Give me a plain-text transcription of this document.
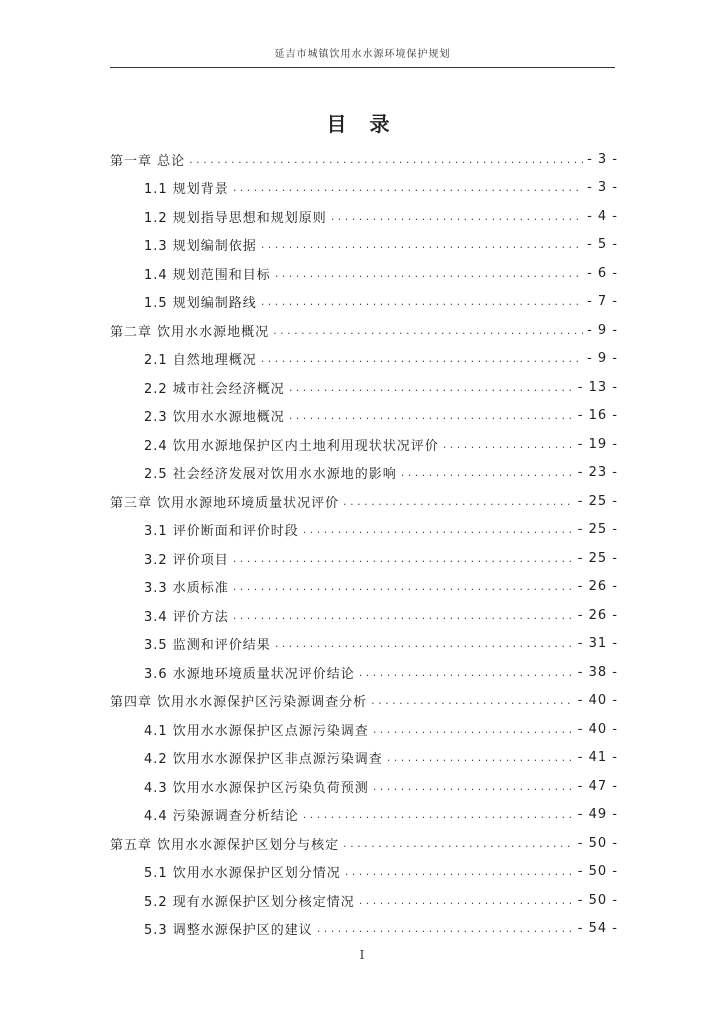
延吉市城镇饮用水水源环境保护规划
目 录
第一章 总论 . . .	- 3 -
1.1 规划背景 . . .	- 3 -
1.2 规划指导思想和规划原则 . . .	- 4 -
1.3 规划编制依据 . . .	- 5 -
1.4 规划范围和目标 . . .	- 6 -
1.5 规划编制路线 . . .	- 7 -
第二章 饮用水水源地概况 . . .	- 9 -
2.1 自然地理概况 . . .	- 9 -
2.2 城市社会经济概况 . . .	- 13 -
2.3 饮用水水源地概况 . . .	- 16 -
2.4 饮用水源地保护区内土地利用现状状况评价 . . .	- 19 -
2.5 社会经济发展对饮用水水源地的影响 . . .	- 23 -
第三章 饮用水源地环境质量状况评价 . . .	- 25 -
3.1 评价断面和评价时段 . . .	- 25 -
3.2 评价项目 . . .	- 25 -
3.3 水质标准 . . .	- 26 -
3.4 评价方法 . . .	- 26 -
3.5 监测和评价结果 . . .	- 31 -
3.6 水源地环境质量状况评价结论 . . .	- 38 -
第四章 饮用水水源保护区污染源调查分析 . . .	- 40 -
4.1 饮用水水源保护区点源污染调查 . . .	- 40 -
4.2 饮用水水源保护区非点源污染调查 . . .	- 41 -
4.3 饮用水水源保护区污染负荷预测 . . .	- 47 -
4.4 污染源调查分析结论 . . .	- 49 -
第五章 饮用水水源保护区划分与核定 . . .	- 50 -
5.1 饮用水水源保护区划分情况 . . .	- 50 -
5.2 现有水源保护区划分核定情况 . . .	- 50 -
5.3 调整水源保护区的建议 . . .	- 54 -
I
